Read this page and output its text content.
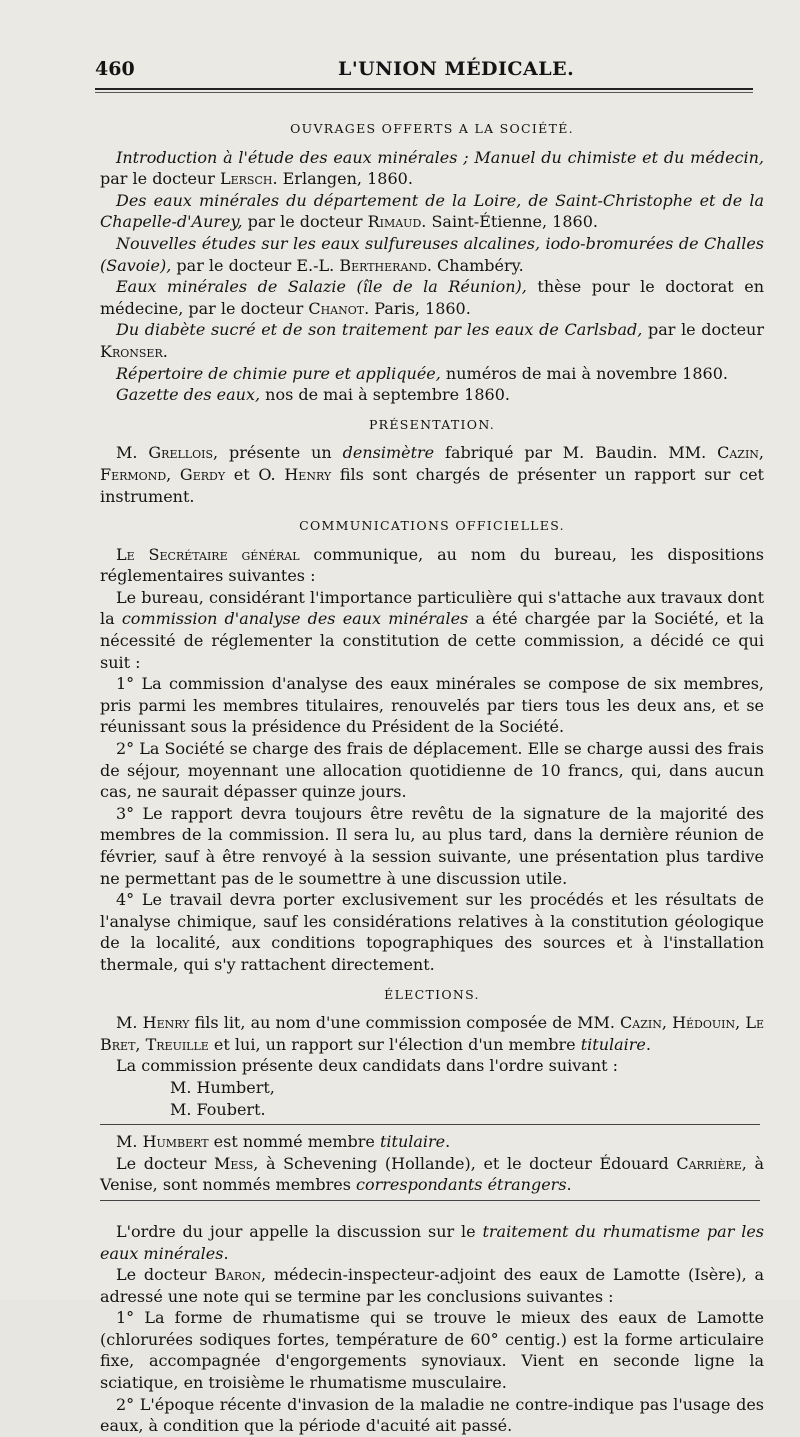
460	L'UNION MÉDICALE.

OUVRAGES OFFERTS A LA SOCIÉTÉ.

Introduction à l'étude des eaux minérales ; Manuel du chimiste et du médecin, par le docteur Lersch. Erlangen, 1860.

Des eaux minérales du département de la Loire, de Saint-Christophe et de la Chapelle-d'Aurey, par le docteur Rimaud. Saint-Étienne, 1860.

Nouvelles études sur les eaux sulfureuses alcalines, iodo-bromurées de Challes (Savoie), par le docteur E.-L. Bertherand. Chambéry.

Eaux minérales de Salazie (île de la Réunion), thèse pour le doctorat en médecine, par le docteur Chanot. Paris, 1860.

Du diabète sucré et de son traitement par les eaux de Carlsbad, par le docteur Kronser.

Répertoire de chimie pure et appliquée, numéros de mai à novembre 1860.

Gazette des eaux, nos de mai à septembre 1860.

PRÉSENTATION.

M. Grellois, présente un densimètre fabriqué par M. Baudin. MM. Cazin, Fermond, Gerdy et O. Henry fils sont chargés de présenter un rapport sur cet instrument.

COMMUNICATIONS OFFICIELLES.

Le Secrétaire général communique, au nom du bureau, les dispositions réglementaires suivantes :

Le bureau, considérant l'importance particulière qui s'attache aux travaux dont la commission d'analyse des eaux minérales a été chargée par la Société, et la nécessité de réglementer la constitution de cette commission, a décidé ce qui suit :

1° La commission d'analyse des eaux minérales se compose de six membres, pris parmi les membres titulaires, renouvelés par tiers tous les deux ans, et se réunissant sous la présidence du Président de la Société.

2° La Société se charge des frais de déplacement. Elle se charge aussi des frais de séjour, moyennant une allocation quotidienne de 10 francs, qui, dans aucun cas, ne saurait dépasser quinze jours.

3° Le rapport devra toujours être revêtu de la signature de la majorité des membres de la commission. Il sera lu, au plus tard, dans la dernière réunion de février, sauf à être renvoyé à la session suivante, une présentation plus tardive ne permettant pas de le soumettre à une discussion utile.

4° Le travail devra porter exclusivement sur les procédés et les résultats de l'analyse chimique, sauf les considérations relatives à la constitution géologique de la localité, aux conditions topographiques des sources et à l'installation thermale, qui s'y rattachent directement.

ÉLECTIONS.

M. Henry fils lit, au nom d'une commission composée de MM. Cazin, Hédouin, Le Bret, Treuille et lui, un rapport sur l'élection d'un membre titulaire.

La commission présente deux candidats dans l'ordre suivant :

M. Humbert,

M. Foubert.

M. Humbert est nommé membre titulaire.

Le docteur Mess, à Schevening (Hollande), et le docteur Édouard Carrière, à Venise, sont nommés membres correspondants étrangers.

L'ordre du jour appelle la discussion sur le traitement du rhumatisme par les eaux minérales.

Le docteur Baron, médecin-inspecteur-adjoint des eaux de Lamotte (Isère), a adressé une note qui se termine par les conclusions suivantes :

1° La forme de rhumatisme qui se trouve le mieux des eaux de Lamotte (chlorurées sodiques fortes, température de 60° centig.) est la forme articulaire fixe, accompagnée d'engorgements synoviaux. Vient en seconde ligne la sciatique, en troisième le rhumatisme musculaire.

2° L'époque récente d'invasion de la maladie ne contre-indique pas l'usage des eaux, à condition que la période d'acuité ait passé.
